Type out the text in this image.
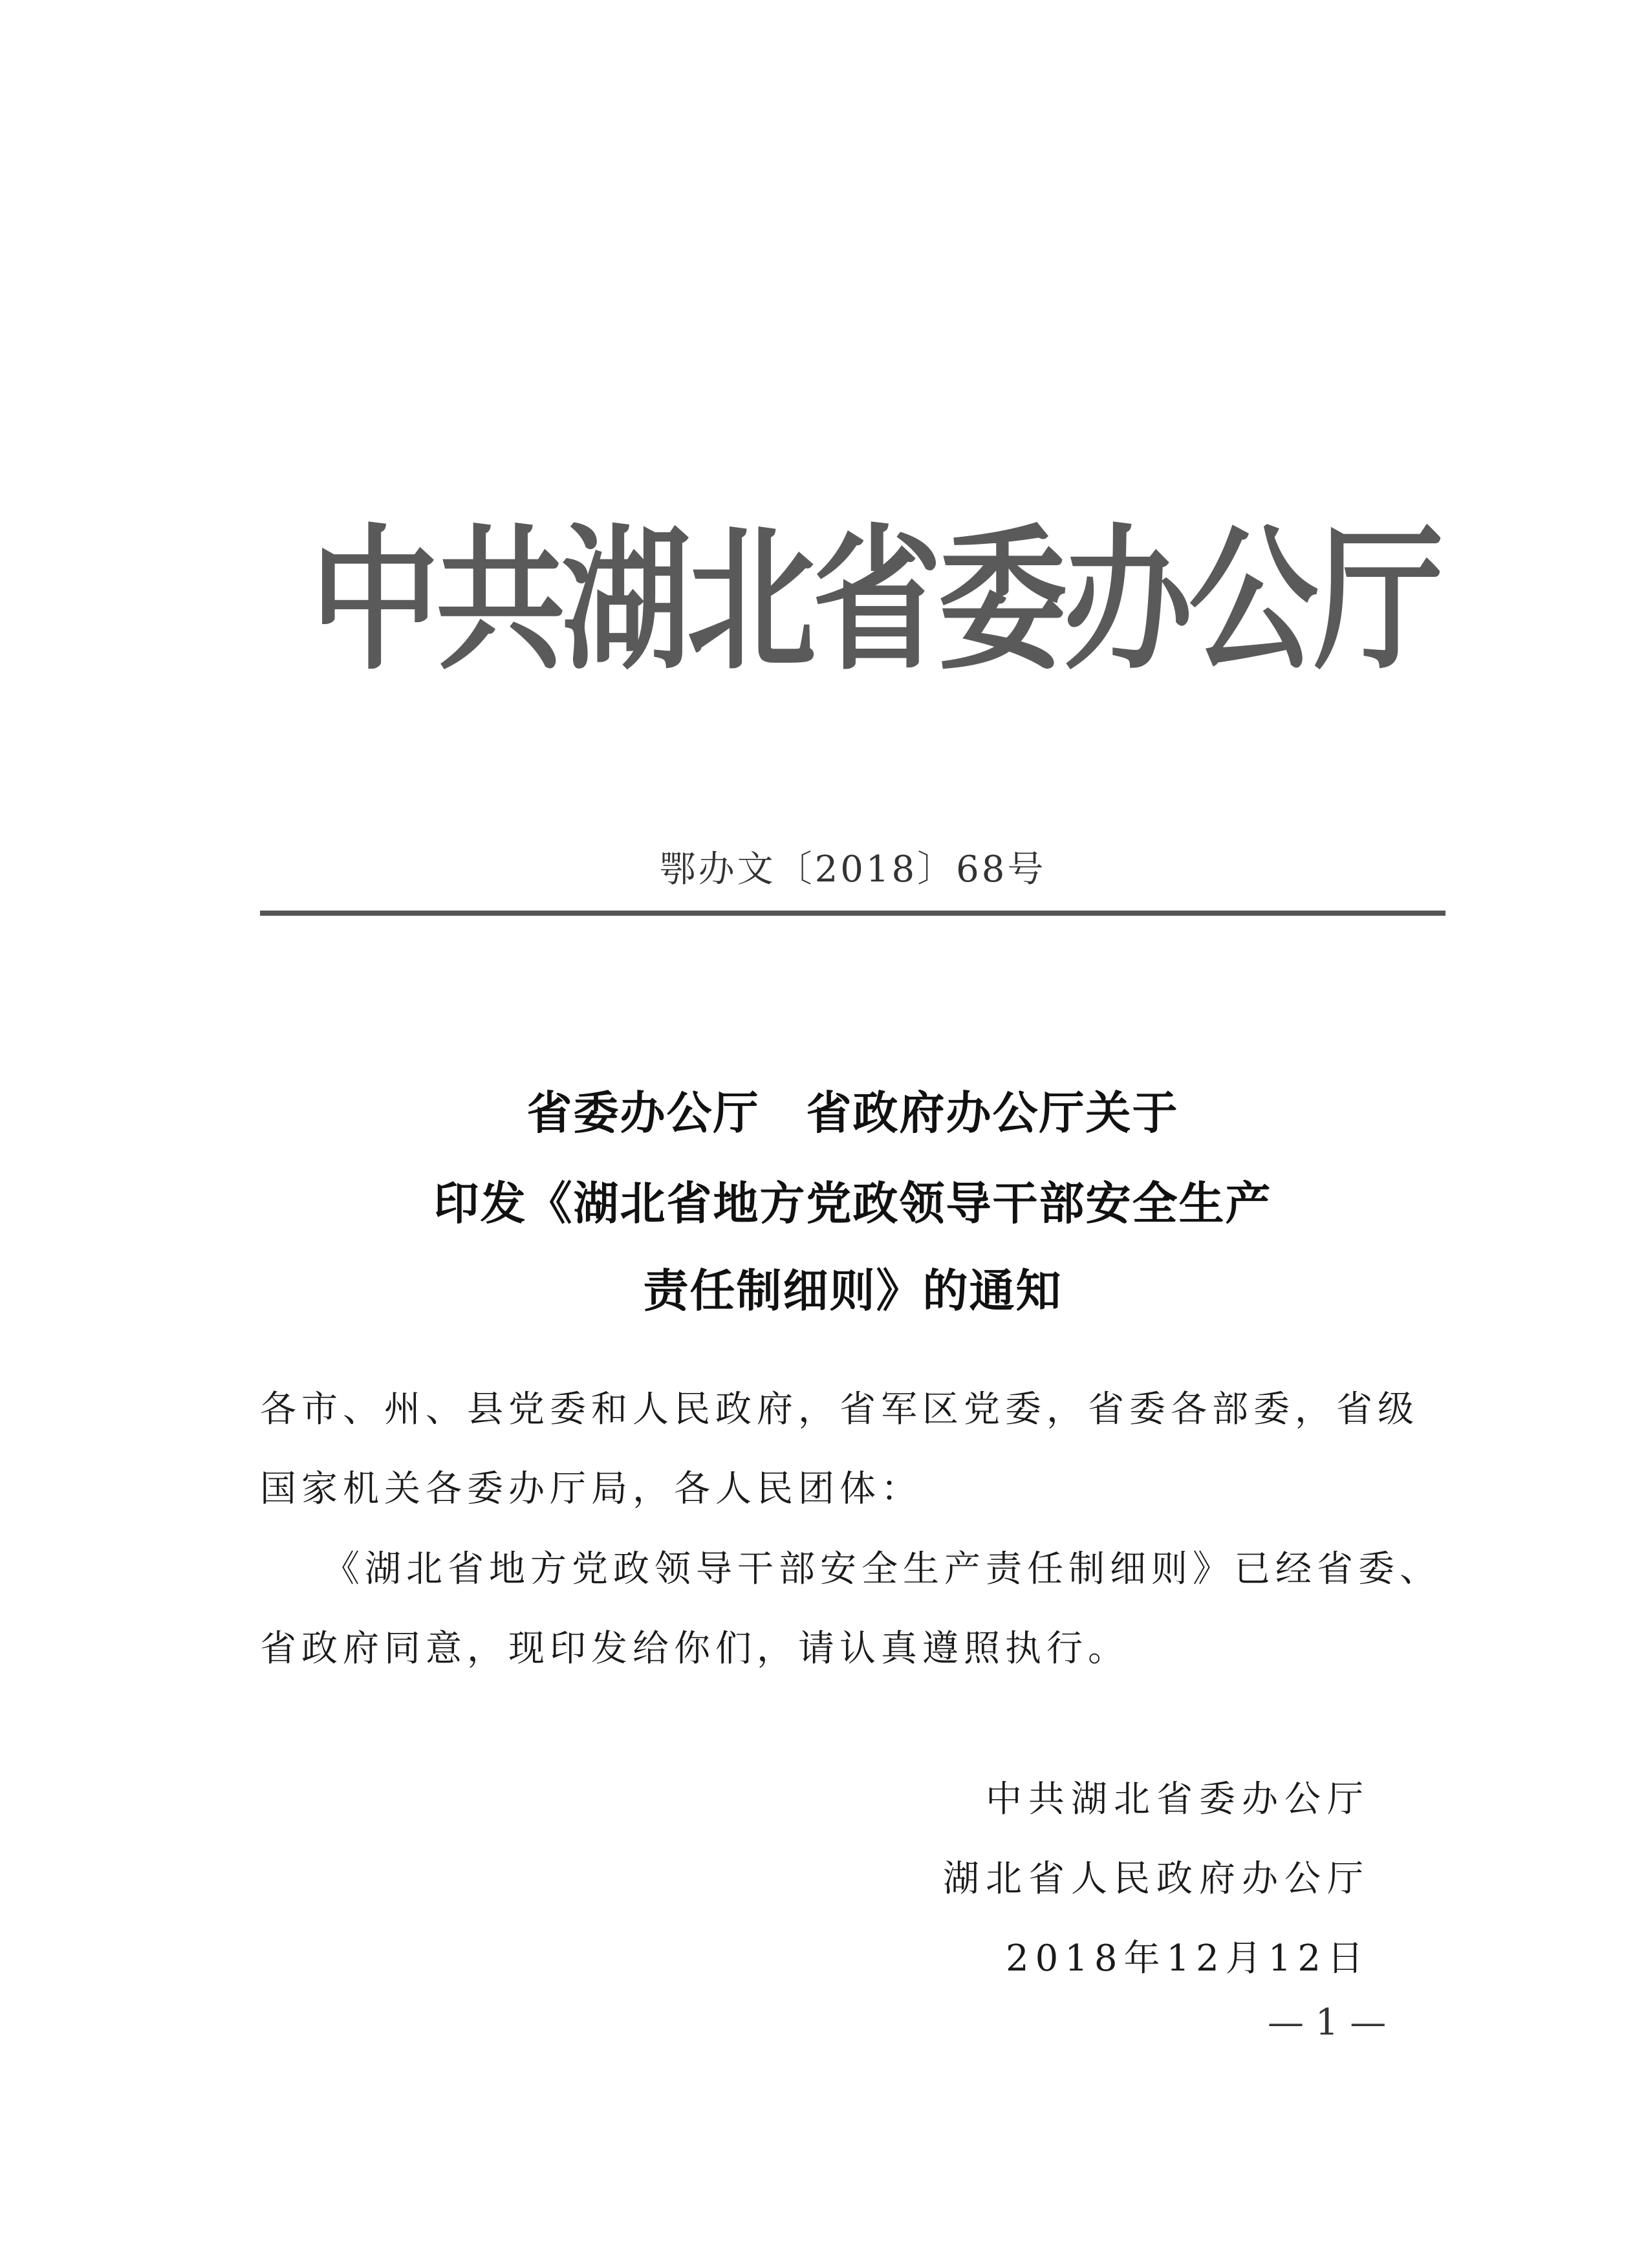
中共湖北省委办公厅
鄂办文〔2018〕68号
省委办公厅　省政府办公厅关于
印发《湖北省地方党政领导干部安全生产
责任制细则》的通知
各市、州、县党委和人民政府，省军区党委，省委各部委，省级
国家机关各委办厅局，各人民团体：
《湖北省地方党政领导干部安全生产责任制细则》已经省委、
省政府同意，现印发给你们，请认真遵照执行。
中共湖北省委办公厅
湖北省人民政府办公厅
2018年12月12日
— 1 —
